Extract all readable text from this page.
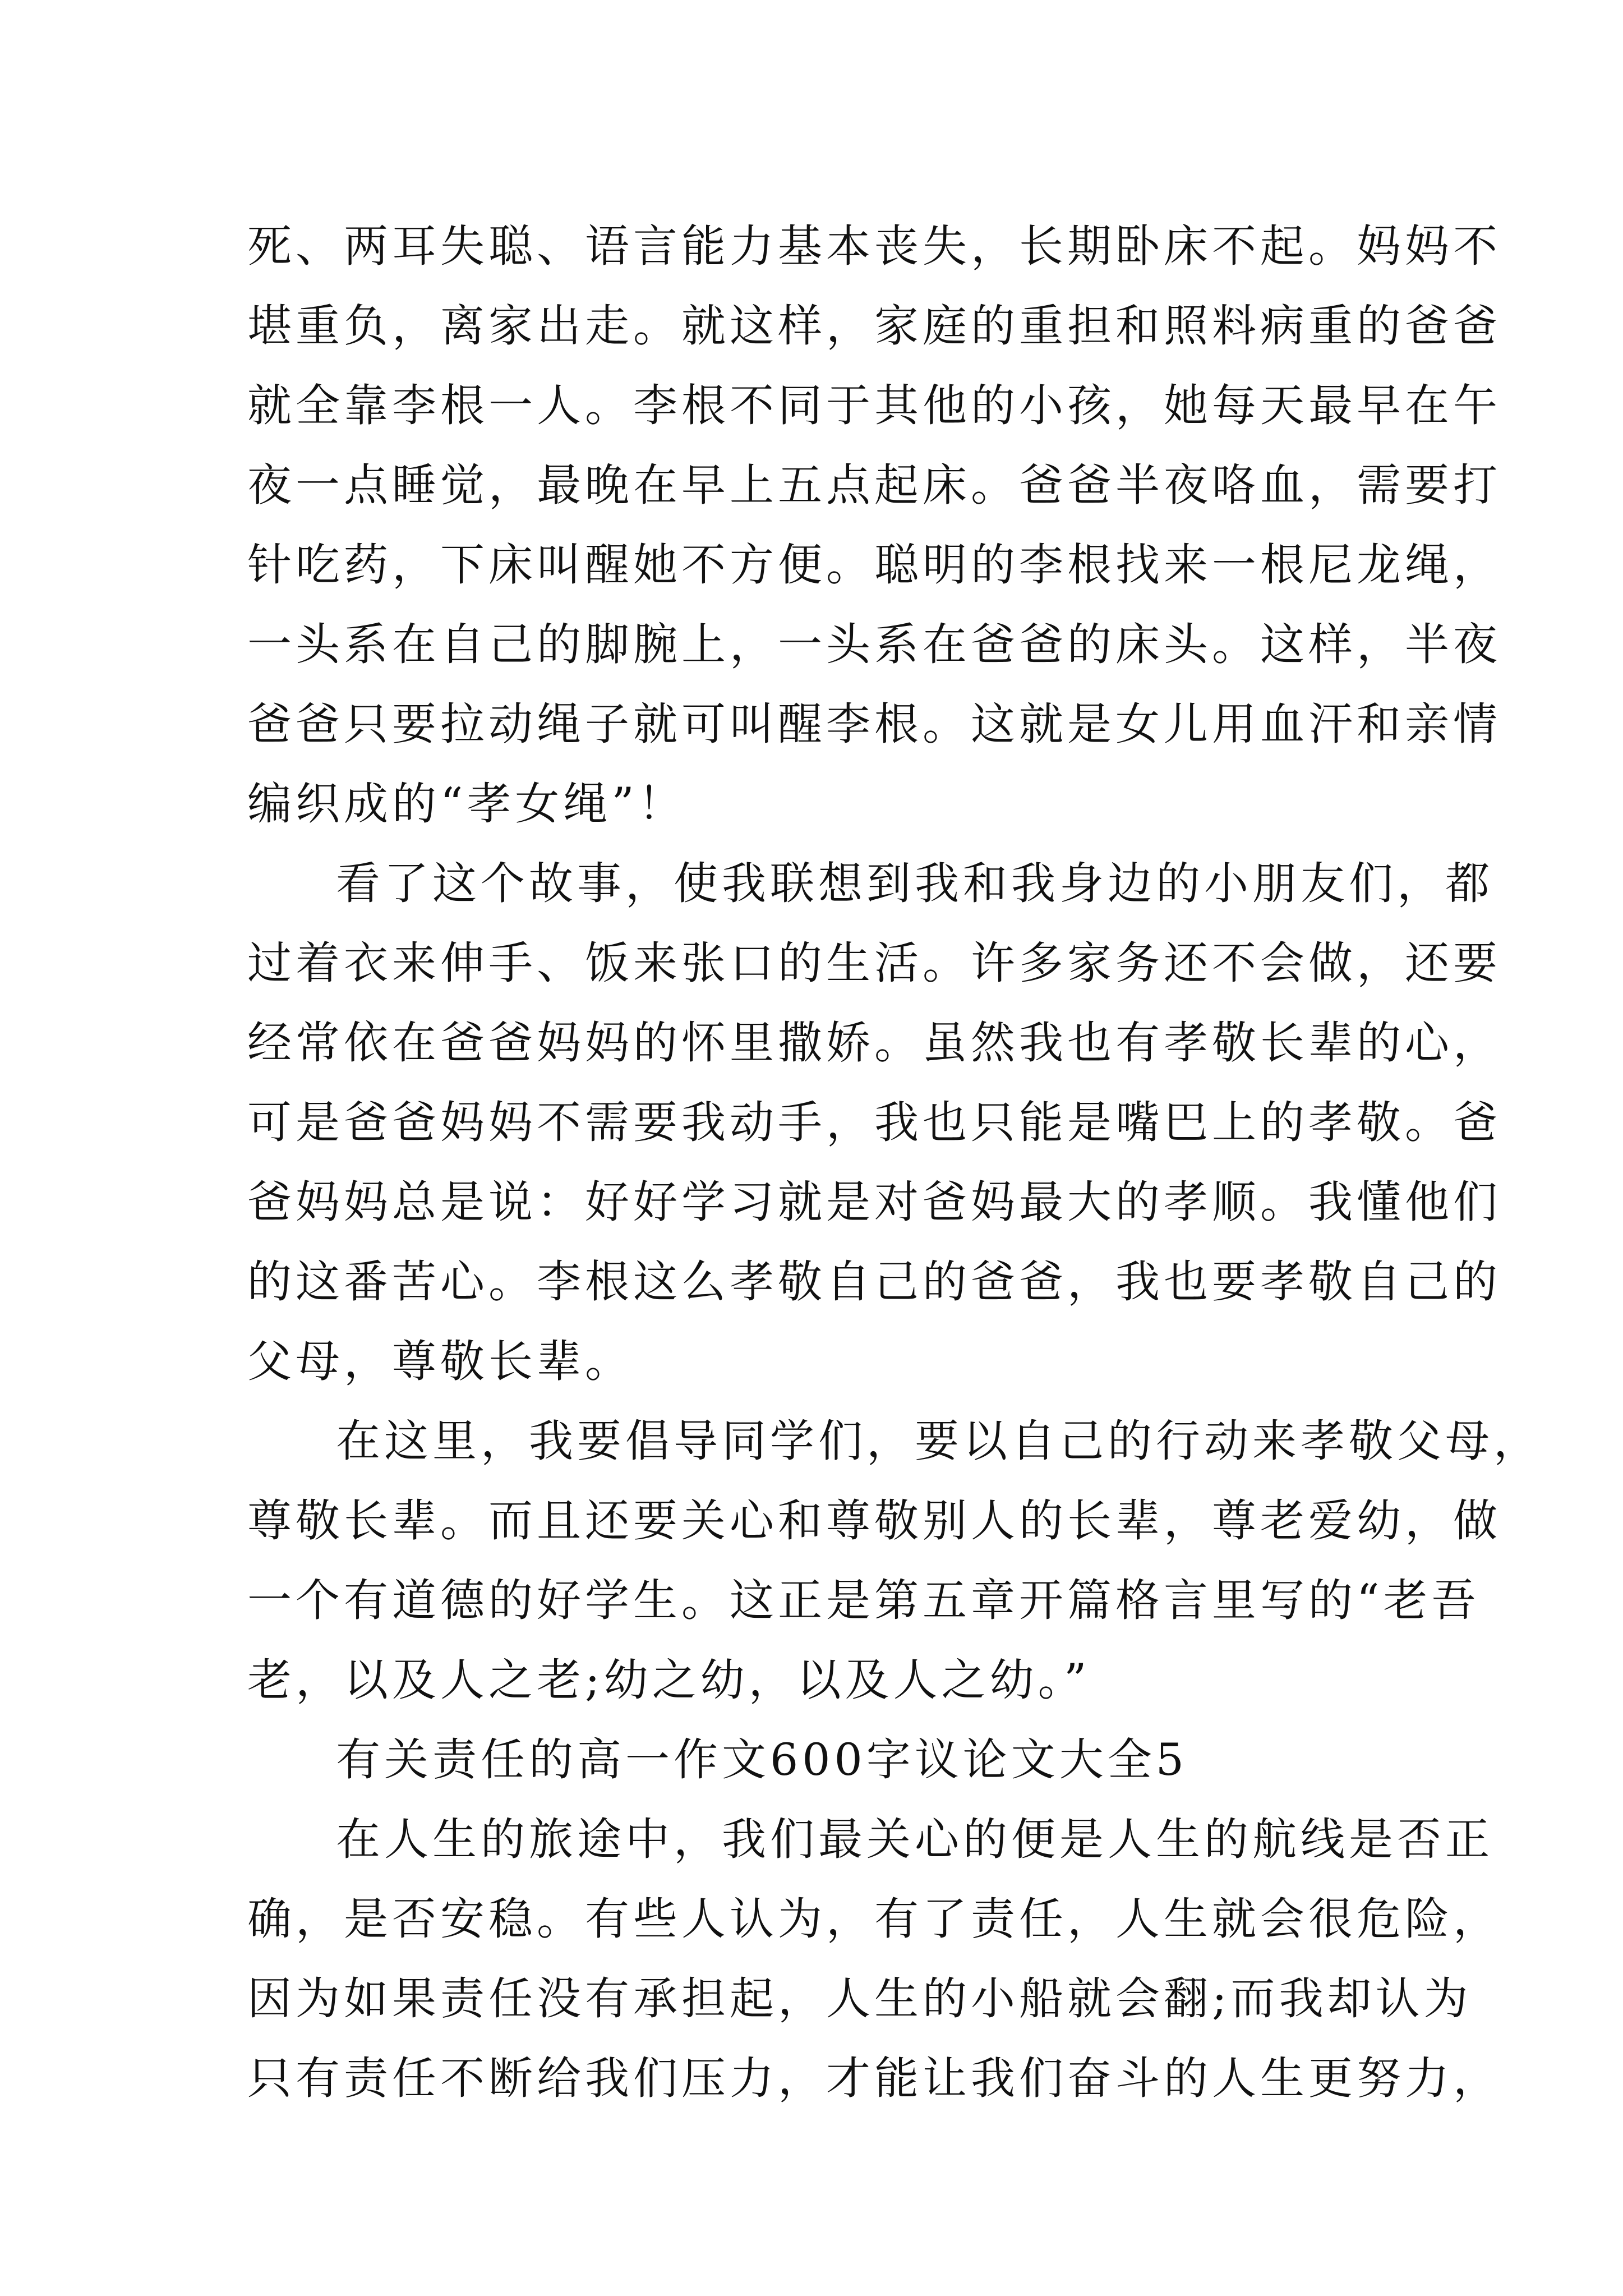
死、两耳失聪、语言能力基本丧失，长期卧床不起。妈妈不

堪重负，离家出走。就这样，家庭的重担和照料病重的爸爸

就全靠李根一人。李根不同于其他的小孩，她每天最早在午

夜一点睡觉，最晚在早上五点起床。爸爸半夜咯血，需要打

针吃药，下床叫醒她不方便。聪明的李根找来一根尼龙绳，

一头系在自己的脚腕上，一头系在爸爸的床头。这样，半夜

爸爸只要拉动绳子就可叫醒李根。这就是女儿用血汗和亲情

编织成的“孝女绳”！

看了这个故事，使我联想到我和我身边的小朋友们，都

过着衣来伸手、饭来张口的生活。许多家务还不会做，还要

经常依在爸爸妈妈的怀里撒娇。虽然我也有孝敬长辈的心，

可是爸爸妈妈不需要我动手，我也只能是嘴巴上的孝敬。爸

爸妈妈总是说：好好学习就是对爸妈最大的孝顺。我懂他们

的这番苦心。李根这么孝敬自己的爸爸，我也要孝敬自己的

父母，尊敬长辈。

在这里，我要倡导同学们，要以自己的行动来孝敬父母，

尊敬长辈。而且还要关心和尊敬别人的长辈，尊老爱幼，做

一个有道德的好学生。这正是第五章开篇格言里写的“老吾

老，以及人之老;幼之幼，以及人之幼。”

有关责任的高一作文600字议论文大全5

在人生的旅途中，我们最关心的便是人生的航线是否正

确，是否安稳。有些人认为，有了责任，人生就会很危险，

因为如果责任没有承担起，人生的小船就会翻;而我却认为

只有责任不断给我们压力，才能让我们奋斗的人生更努力，
